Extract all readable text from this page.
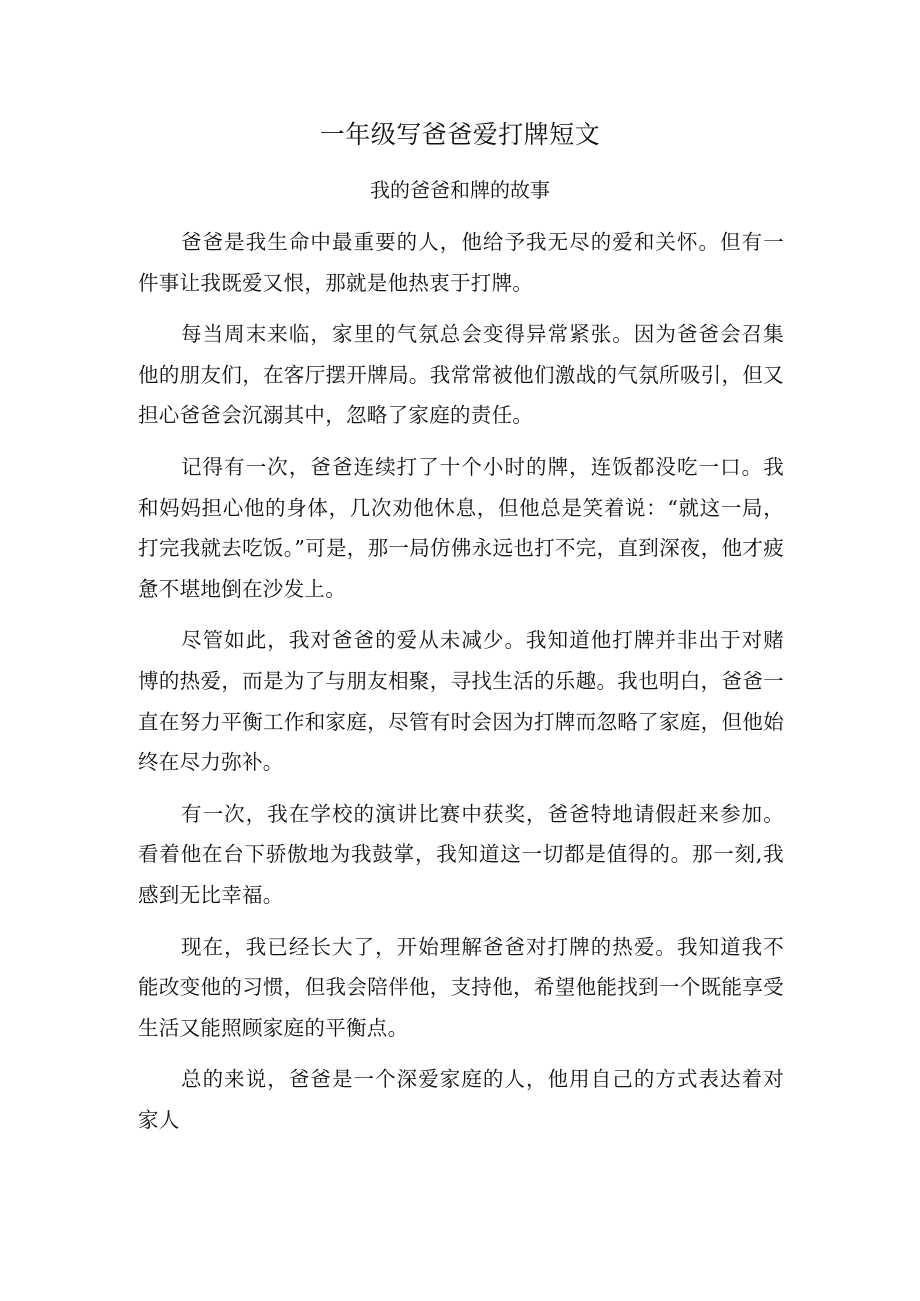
一年级写爸爸爱打牌短文
我的爸爸和牌的故事

爸爸是我生命中最重要的人，他给予我无尽的爱和关怀。但有一件事让我既爱又恨，那就是他热衷于打牌。

每当周末来临，家里的气氛总会变得异常紧张。因为爸爸会召集他的朋友们，在客厅摆开牌局。我常常被他们激战的气氛所吸引，但又担心爸爸会沉溺其中，忽略了家庭的责任。

记得有一次，爸爸连续打了十个小时的牌，连饭都没吃一口。我和妈妈担心他的身体，几次劝他休息，但他总是笑着说：“就这一局，打完我就去吃饭。”可是，那一局仿佛永远也打不完，直到深夜，他才疲惫不堪地倒在沙发上。

尽管如此，我对爸爸的爱从未减少。我知道他打牌并非出于对赌博的热爱，而是为了与朋友相聚，寻找生活的乐趣。我也明白，爸爸一直在努力平衡工作和家庭，尽管有时会因为打牌而忽略了家庭，但他始终在尽力弥补。

有一次，我在学校的演讲比赛中获奖，爸爸特地请假赶来参加。看着他在台下骄傲地为我鼓掌，我知道这一切都是值得的。那一刻,我感到无比幸福。

现在，我已经长大了，开始理解爸爸对打牌的热爱。我知道我不能改变他的习惯，但我会陪伴他，支持他，希望他能找到一个既能享受生活又能照顾家庭的平衡点。

总的来说，爸爸是一个深爱家庭的人，他用自己的方式表达着对家人
